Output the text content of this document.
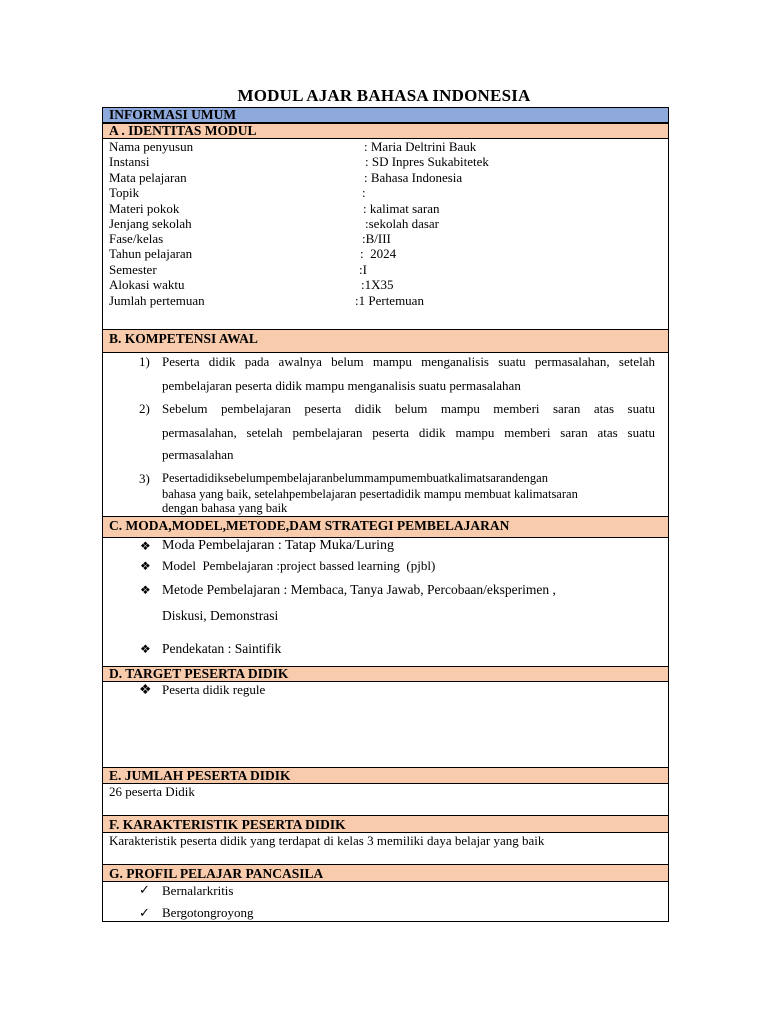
MODUL AJAR BAHASA INDONESIA
INFORMASI UMUM
A . IDENTITAS MODUL
Nama penyusun	: Maria Deltrini Bauk
Instansi	: SD Inpres Sukabitetek
Mata pelajaran	: Bahasa Indonesia
Topik	:
Materi pokok	: kalimat saran
Jenjang sekolah	:sekolah dasar
Fase/kelas	:B/III
Tahun pelajaran	:  2024
Semester	:I
Alokasi waktu	:1X35
Jumlah pertemuan	:1 Pertemuan
B. KOMPETENSI AWAL
1) Peserta didik pada awalnya belum mampu menganalisis suatu permasalahan, setelah
pembelajaran peserta didik mampu menganalisis suatu permasalahan
2) Sebelum pembelajaran peserta didik belum mampu memberi saran atas suatu
permasalahan, setelah pembelajaran peserta didik mampu memberi saran atas suatu
permasalahan
3) Pesertadidiksebelumpembelajaranbelummampumembuatkalimatsarandengan
bahasa yang baik, setelahpembelajaran pesertadidik mampu membuat kalimatsaran
dengan bahasa yang baik
C. MODA,MODEL,METODE,DAM STRATEGI PEMBELAJARAN
❖ Moda Pembelajaran : Tatap Muka/Luring
❖ Model  Pembelajaran :project bassed learning  (pjbl)
❖ Metode Pembelajaran : Membaca, Tanya Jawab, Percobaan/eksperimen ,
Diskusi, Demonstrasi
❖ Pendekatan : Saintifik
D. TARGET PESERTA DIDIK
❖ Peserta didik regule
E. JUMLAH PESERTA DIDIK
26 peserta Didik
F. KARAKTERISTIK PESERTA DIDIK
Karakteristik peserta didik yang terdapat di kelas 3 memiliki daya belajar yang baik
G. PROFIL PELAJAR PANCASILA
✓ Bernalarkritis
✓ Bergotongroyong
